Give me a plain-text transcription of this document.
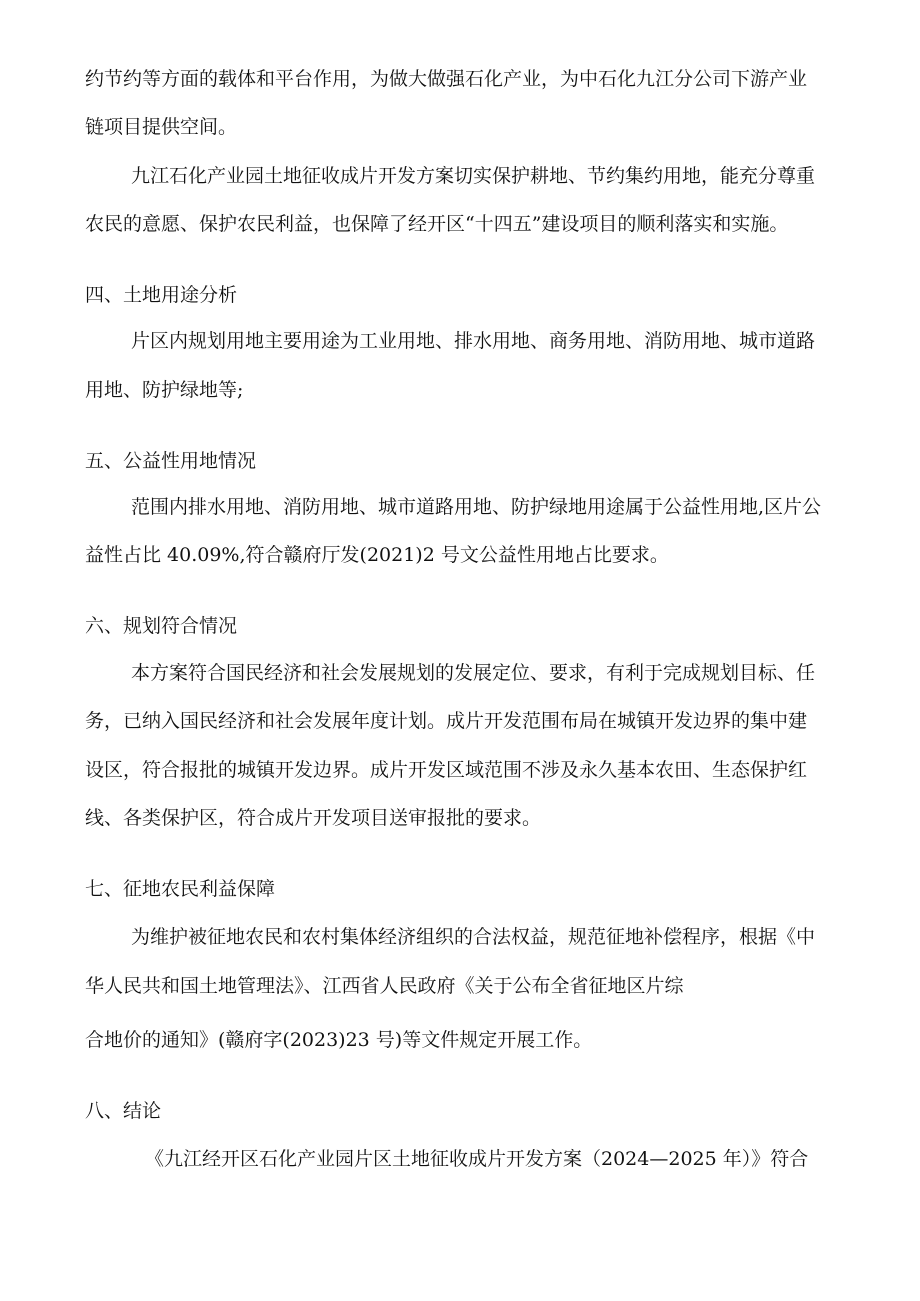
约节约等方面的载体和平台作用，为做大做强石化产业，为中石化九江分公司下游产业
链项目提供空间。
九江石化产业园土地征收成片开发方案切实保护耕地、节约集约用地，能充分尊重
农民的意愿、保护农民利益，也保障了经开区“十四五”建设项目的顺利落实和实施。
四、土地用途分析
片区内规划用地主要用途为工业用地、排水用地、商务用地、消防用地、城市道路
用地、防护绿地等;
五、公益性用地情况
范围内排水用地、消防用地、城市道路用地、防护绿地用途属于公益性用地,区片公
益性占比 40.09%,符合赣府厅发(2021)2 号文公益性用地占比要求。
六、规划符合情况
本方案符合国民经济和社会发展规划的发展定位、要求，有利于完成规划目标、任
务，已纳入国民经济和社会发展年度计划。成片开发范围布局在城镇开发边界的集中建
设区，符合报批的城镇开发边界。成片开发区域范围不涉及永久基本农田、生态保护红
线、各类保护区，符合成片开发项目送审报批的要求。
七、征地农民利益保障
为维护被征地农民和农村集体经济组织的合法权益，规范征地补偿程序，根据《中
华人民共和国土地管理法》、江西省人民政府《关于公布全省征地区片综
合地价的通知》(赣府字(2023)23 号)等文件规定开展工作。
八、结论
《九江经开区石化产业园片区土地征收成片开发方案（2024—2025 年）》符合
